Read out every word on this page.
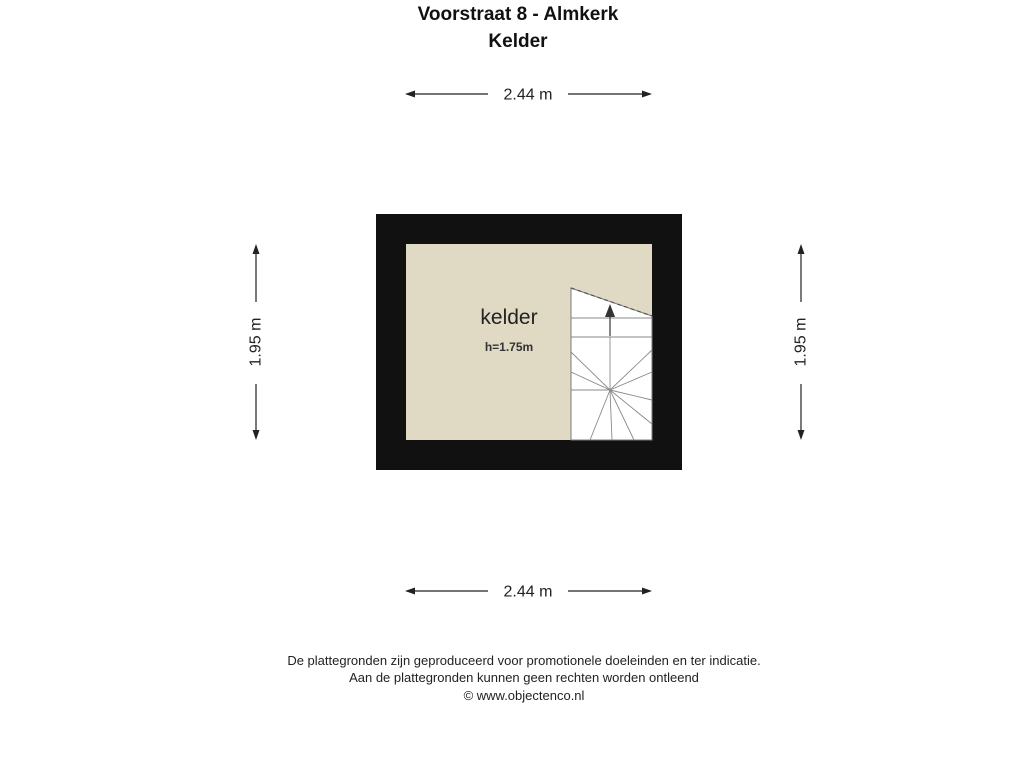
Voorstraat 8 - Almkerk
Kelder
2.44 m
1.95 m	1.95 m
kelder
h=1.75m
2.44 m
De plattegronden zijn geproduceerd voor promotionele doeleinden en ter indicatie.
Aan de plattegronden kunnen geen rechten worden ontleend
© www.objectenco.nl
